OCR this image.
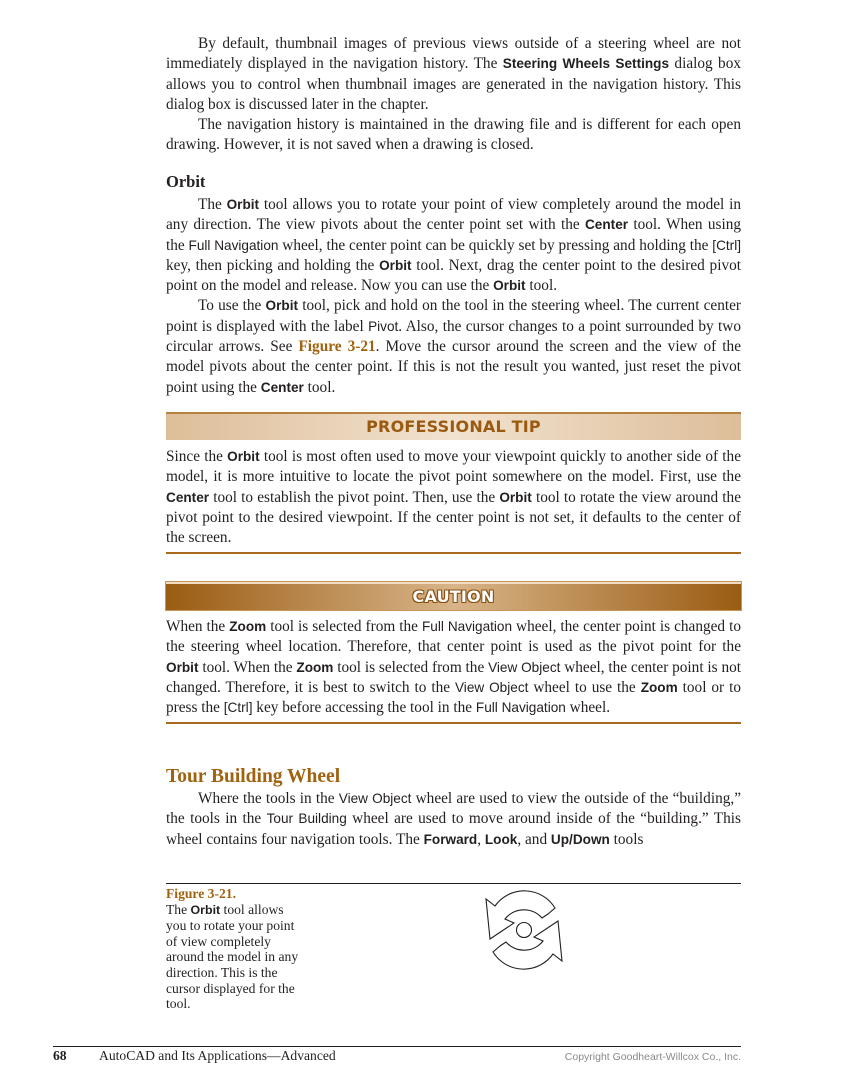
By default, thumbnail images of previous views outside of a steering wheel are not immediately displayed in the navigation history. The Steering Wheels Settings dialog box allows you to control when thumbnail images are generated in the navigation history. This dialog box is discussed later in the chapter.

The navigation history is maintained in the drawing file and is different for each open drawing. However, it is not saved when a drawing is closed.

Orbit

The Orbit tool allows you to rotate your point of view completely around the model in any direction. The view pivots about the center point set with the Center tool. When using the Full Navigation wheel, the center point can be quickly set by pressing and holding the [Ctrl] key, then picking and holding the Orbit tool. Next, drag the center point to the desired pivot point on the model and release. Now you can use the Orbit tool.

To use the Orbit tool, pick and hold on the tool in the steering wheel. The current center point is displayed with the label Pivot. Also, the cursor changes to a point surrounded by two circular arrows. See Figure 3-21. Move the cursor around the screen and the view of the model pivots about the center point. If this is not the result you wanted, just reset the pivot point using the Center tool.

PROFESSIONAL TIP

Since the Orbit tool is most often used to move your viewpoint quickly to another side of the model, it is more intuitive to locate the pivot point somewhere on the model. First, use the Center tool to establish the pivot point. Then, use the Orbit tool to rotate the view around the pivot point to the desired viewpoint. If the center point is not set, it defaults to the center of the screen.

CAUTION

When the Zoom tool is selected from the Full Navigation wheel, the center point is changed to the steering wheel location. Therefore, that center point is used as the pivot point for the Orbit tool. When the Zoom tool is selected from the View Object wheel, the center point is not changed. Therefore, it is best to switch to the View Object wheel to use the Zoom tool or to press the [Ctrl] key before accessing the tool in the Full Navigation wheel.

Tour Building Wheel

Where the tools in the View Object wheel are used to view the outside of the “building,” the tools in the Tour Building wheel are used to move around inside of the “building.” This wheel contains four navigation tools. The Forward, Look, and Up/Down tools

Figure 3-21.
The Orbit tool allows you to rotate your point of view completely around the model in any direction. This is the cursor displayed for the tool.
68 AutoCAD and Its Applications—Advanced	Copyright Goodheart-Willcox Co., Inc.
